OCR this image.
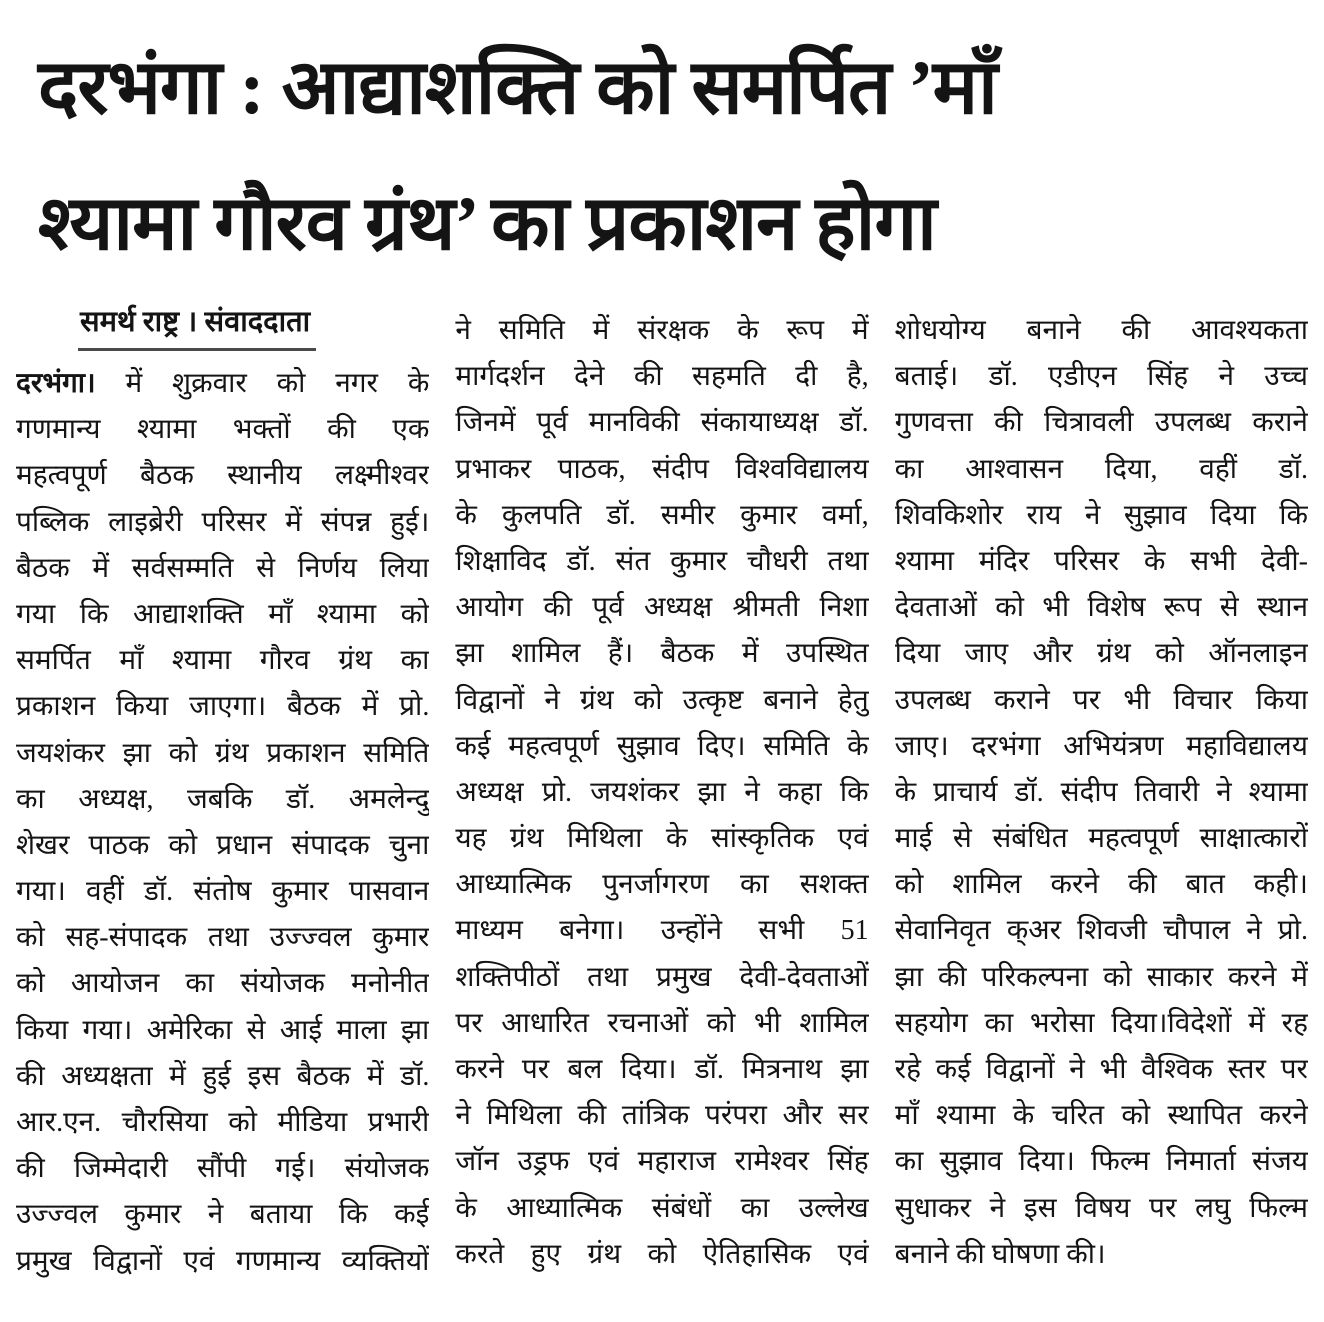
दरभंगा : आद्याशक्ति को समर्पित ’माँ
श्यामा गौरव ग्रंथ’ का प्रकाशन होगा
समर्थ राष्ट्र । संवाददाता
दरभंगा। में शुक्रवार को नगर के
गणमान्य श्यामा भक्तों की एक
महत्वपूर्ण बैठक स्थानीय लक्ष्मीश्वर
पब्लिक लाइब्रेरी परिसर में संपन्न हुई।
बैठक में सर्वसम्मति से निर्णय लिया
गया कि आद्याशक्ति माँ श्यामा को
समर्पित माँ श्यामा गौरव ग्रंथ का
प्रकाशन किया जाएगा। बैठक में प्रो.
जयशंकर झा को ग्रंथ प्रकाशन समिति
का अध्यक्ष, जबकि डॉ. अमलेन्दु
शेखर पाठक को प्रधान संपादक चुना
गया। वहीं डॉ. संतोष कुमार पासवान
को सह-संपादक तथा उज्ज्वल कुमार
को आयोजन का संयोजक मनोनीत
किया गया। अमेरिका से आई माला झा
की अध्यक्षता में हुई इस बैठक में डॉ.
आर.एन. चौरसिया को मीडिया प्रभारी
की जिम्मेदारी सौंपी गई। संयोजक
उज्ज्वल कुमार ने बताया कि कई
प्रमुख विद्वानों एवं गणमान्य व्यक्तियों
ने समिति में संरक्षक के रूप में
मार्गदर्शन देने की सहमति दी है,
जिनमें पूर्व मानविकी संकायाध्यक्ष डॉ.
प्रभाकर पाठक, संदीप विश्वविद्यालय
के कुलपति डॉ. समीर कुमार वर्मा,
शिक्षाविद डॉ. संत कुमार चौधरी तथा
आयोग की पूर्व अध्यक्ष श्रीमती निशा
झा शामिल हैं। बैठक में उपस्थित
विद्वानों ने ग्रंथ को उत्कृष्ट बनाने हेतु
कई महत्वपूर्ण सुझाव दिए। समिति के
अध्यक्ष प्रो. जयशंकर झा ने कहा कि
यह ग्रंथ मिथिला के सांस्कृतिक एवं
आध्यात्मिक पुनर्जागरण का सशक्त
माध्यम बनेगा। उन्होंने सभी 51
शक्तिपीठों तथा प्रमुख देवी-देवताओं
पर आधारित रचनाओं को भी शामिल
करने पर बल दिया। डॉ. मित्रनाथ झा
ने मिथिला की तांत्रिक परंपरा और सर
जॉन उड्रफ एवं महाराज रामेश्वर सिंह
के आध्यात्मिक संबंधों का उल्लेख
करते हुए ग्रंथ को ऐतिहासिक एवं
शोधयोग्य बनाने की आवश्यकता
बताई। डॉ. एडीएन सिंह ने उच्च
गुणवत्ता की चित्रावली उपलब्ध कराने
का आश्वासन दिया, वहीं डॉ.
शिवकिशोर राय ने सुझाव दिया कि
श्यामा मंदिर परिसर के सभी देवी-
देवताओं को भी विशेष रूप से स्थान
दिया जाए और ग्रंथ को ऑनलाइन
उपलब्ध कराने पर भी विचार किया
जाए। दरभंगा अभियंत्रण महाविद्यालय
के प्राचार्य डॉ. संदीप तिवारी ने श्यामा
माई से संबंधित महत्वपूर्ण साक्षात्कारों
को शामिल करने की बात कही।
सेवानिवृत क्अर शिवजी चौपाल ने प्रो.
झा की परिकल्पना को साकार करने में
सहयोग का भरोसा दिया।विदेशों में रह
रहे कई विद्वानों ने भी वैश्विक स्तर पर
माँ श्यामा के चरित को स्थापित करने
का सुझाव दिया। फिल्म निमार्ता संजय
सुधाकर ने इस विषय पर लघु फिल्म
बनाने की घोषणा की।
